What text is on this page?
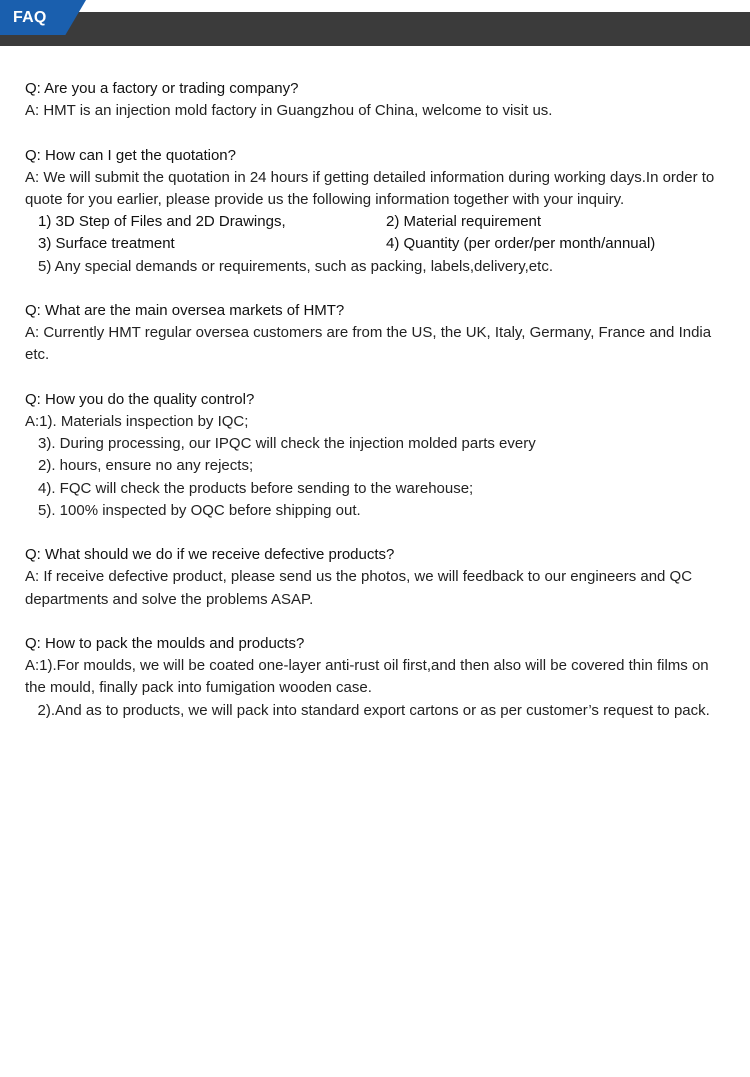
FAQ
Q: Are you a factory or trading company?
A: HMT is an injection mold factory in Guangzhou of China, welcome to visit us.
Q: How can I get the quotation?
A: We will submit the quotation in 24 hours if getting detailed information during working days.In order to quote for you earlier, please provide us the following information together with your inquiry.
1) 3D Step of Files and 2D Drawings,	2) Material requirement
3) Surface treatment	4) Quantity (per order/per month/annual)
5) Any special demands or requirements, such as packing, labels,delivery,etc.
Q: What are the main oversea markets of HMT?
A: Currently HMT regular oversea customers are from the US, the UK, Italy, Germany, France and India etc.
Q: How you do the quality control?
A:1). Materials inspection by IQC;
3). During processing, our IPQC will check the injection molded parts every
2). hours, ensure no any rejects;
4). FQC will check the products before sending to the warehouse;
5). 100% inspected by OQC before shipping out.
Q: What should we do if we receive defective products?
A: If receive defective product, please send us the photos, we will feedback to our engineers and QC departments and solve the problems ASAP.
Q: How to pack the moulds and products?
A:1).For moulds, we will be coated one-layer anti-rust oil first,and then also will be covered thin films on the mould, finally pack into fumigation wooden case.
2).And as to products, we will pack into standard export cartons or as per customer’s request to pack.
